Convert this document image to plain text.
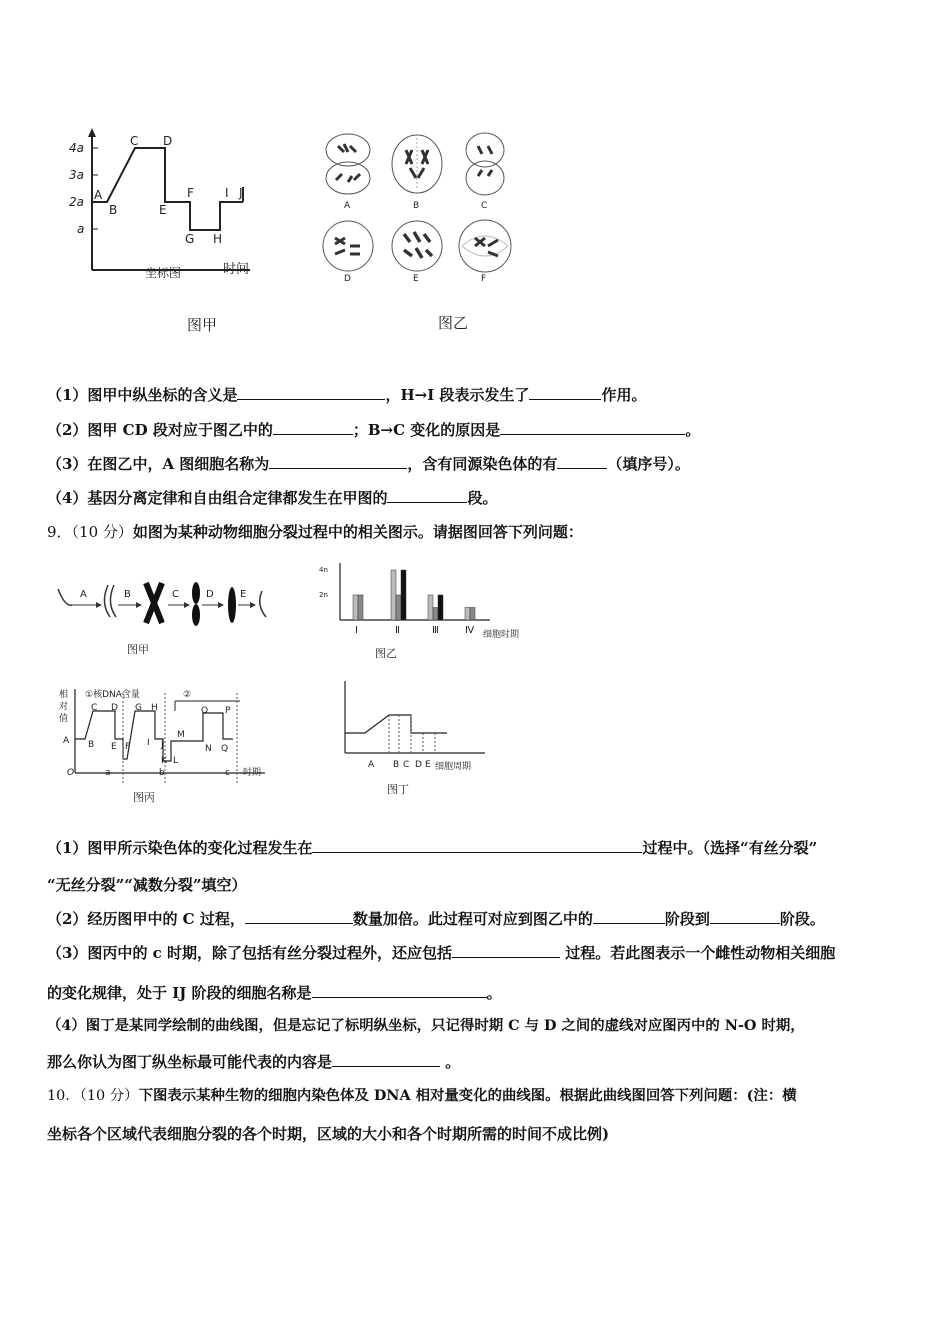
4a
3a
2a
a
A
B
C D
E
F
G H
I J
时间
坐标图
图甲
A	B	C
D	E	F
图乙
（1）图甲中纵坐标的含义是	，H→I 段表示发生了	作用。
（2）图甲 CD 段对应于图乙中的	；B→C 变化的原因是	。
（3）在图乙中，A 图细胞名称为	，含有同源染色体的有	（填序号）。
（4）基因分离定律和自由组合定律都发生在甲图的	段。
9．（10 分）如图为某种动物细胞分裂过程中的相关图示。请据图回答下列问题：
A	B	C	D	E
图甲
4n
2n
Ⅰ	Ⅱ	Ⅲ	Ⅳ 细胞时期
图乙
相
对
值
①核DNA含量	②
A B
C D
E F
G H
I J
K L
M
N
O P
Q
O	a	b	c 时期
图丙
A B C D E 细胞周期
图丁
（1）图甲所示染色体的变化过程发生在	过程中。（选择“有丝分裂”
“无丝分裂”“减数分裂”填空）
（2）经历图甲中的 C 过程，	数量加倍。此过程可对应到图乙中的	阶段到	阶段。
（3）图丙中的 c 时期，除了包括有丝分裂过程外，还应包括	过程。若此图表示一个雌性动物相关细胞
的变化规律，处于 IJ 阶段的细胞名称是	。
（4）图丁是某同学绘制的曲线图，但是忘记了标明纵坐标，只记得时期 C 与 D 之间的虚线对应图丙中的 N-O 时期，
那么你认为图丁纵坐标最可能代表的内容是	。
10．（10 分）下图表示某种生物的细胞内染色体及 DNA 相对量变化的曲线图。根据此曲线图回答下列问题：(注：横
坐标各个区域代表细胞分裂的各个时期，区域的大小和各个时期所需的时间不成比例)
